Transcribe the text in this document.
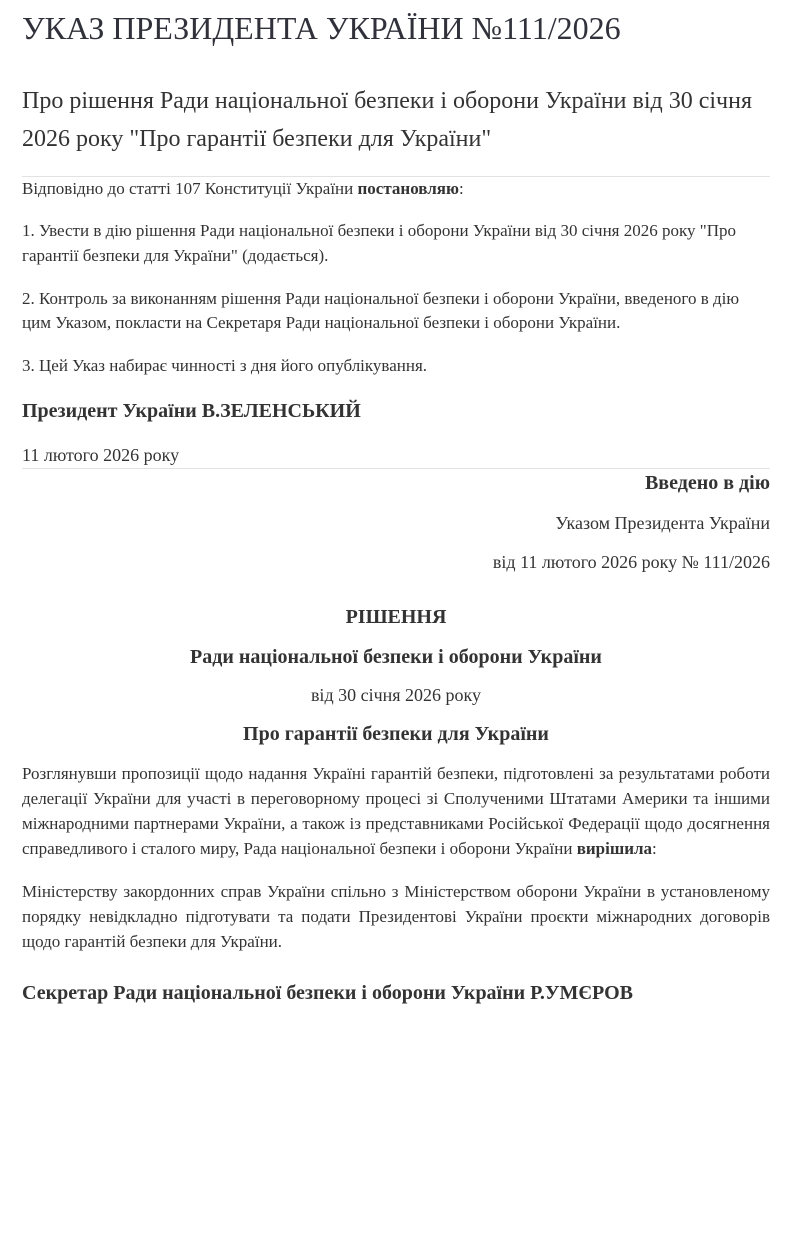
УКАЗ ПРЕЗИДЕНТА УКРАЇНИ №111/2026
Про рішення Ради національної безпеки і оборони України від 30 січня 2026 року "Про гарантії безпеки для України"

Відповідно до статті 107 Конституції України постановляю:

1. Увести в дію рішення Ради національної безпеки і оборони України від 30 січня 2026 року "Про гарантії безпеки для України" (додається).

2. Контроль за виконанням рішення Ради національної безпеки і оборони України, введеного в дію цим Указом, покласти на Секретаря Ради національної безпеки і оборони України.

3. Цей Указ набирає чинності з дня його опублікування.

Президент України В.ЗЕЛЕНСЬКИЙ

11 лютого 2026 року

Введено в дію

Указом Президента України

від 11 лютого 2026 року № 111/2026

РІШЕННЯ

Ради національної безпеки і оборони України

від 30 січня 2026 року

Про гарантії безпеки для України

Розглянувши пропозиції щодо надання Україні гарантій безпеки, підготовлені за результатами роботи делегації України для участі в переговорному процесі зі Сполученими Штатами Америки та іншими міжнародними партнерами України, а також із представниками Російської Федерації щодо досягнення справедливого і сталого миру, Рада національної безпеки і оборони України вирішила:

Міністерству закордонних справ України спільно з Міністерством оборони України в установленому порядку невідкладно підготувати та подати Президентові України проєкти міжнародних договорів щодо гарантій безпеки для України.

Секретар Ради національної безпеки і оборони України Р.УМЄРОВ
